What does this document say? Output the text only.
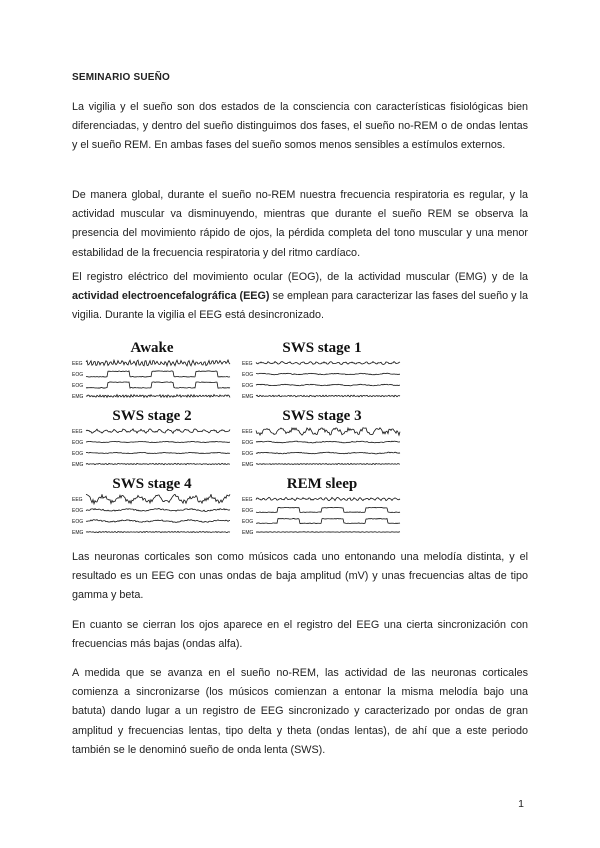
SEMINARIO SUEÑO

La vigilia y el sueño son dos estados de la consciencia con características fisiológicas bien diferenciadas, y dentro del sueño distinguimos dos fases, el sueño no-REM o de ondas lentas y el sueño REM. En ambas fases del sueño somos menos sensibles a estímulos externos.

De manera global, durante el sueño no-REM nuestra frecuencia respiratoria es regular, y la actividad muscular va disminuyendo, mientras que durante el sueño REM se observa la presencia del movimiento rápido de ojos, la pérdida completa del tono muscular y una menor estabilidad de la frecuencia respiratoria y del ritmo cardíaco.

El registro eléctrico del movimiento ocular (EOG), de la actividad muscular (EMG) y de la actividad electroencefalográfica (EEG) se emplean para caracterizar las fases del sueño y la vigilia. Durante la vigilia el EEG está desincronizado.

Awake
EEG
EOG
EOG
EMG
SWS stage 1
EEG
EOG
EOG
EMG
SWS stage 2
EEG
EOG
EOG
EMG
SWS stage 3
EEG
EOG
EOG
EMG
SWS stage 4
EEG
EOG
EOG
EMG
REM sleep
EEG
EOG
EOG
EMG

Las neuronas corticales son como músicos cada uno entonando una melodía distinta, y el resultado es un EEG con unas ondas de baja amplitud (mV) y unas frecuencias altas de tipo gamma y beta.

En cuanto se cierran los ojos aparece en el registro del EEG una cierta sincronización con frecuencias más bajas (ondas alfa).

A medida que se avanza en el sueño no-REM, las actividad de las neuronas corticales comienza a sincronizarse (los músicos comienzan a entonar la misma melodía bajo una batuta) dando lugar a un registro de EEG sincronizado y caracterizado por ondas de gran amplitud y frecuencias lentas, tipo delta y theta (ondas lentas), de ahí que a este periodo también se le denominó sueño de onda lenta (SWS).

1
